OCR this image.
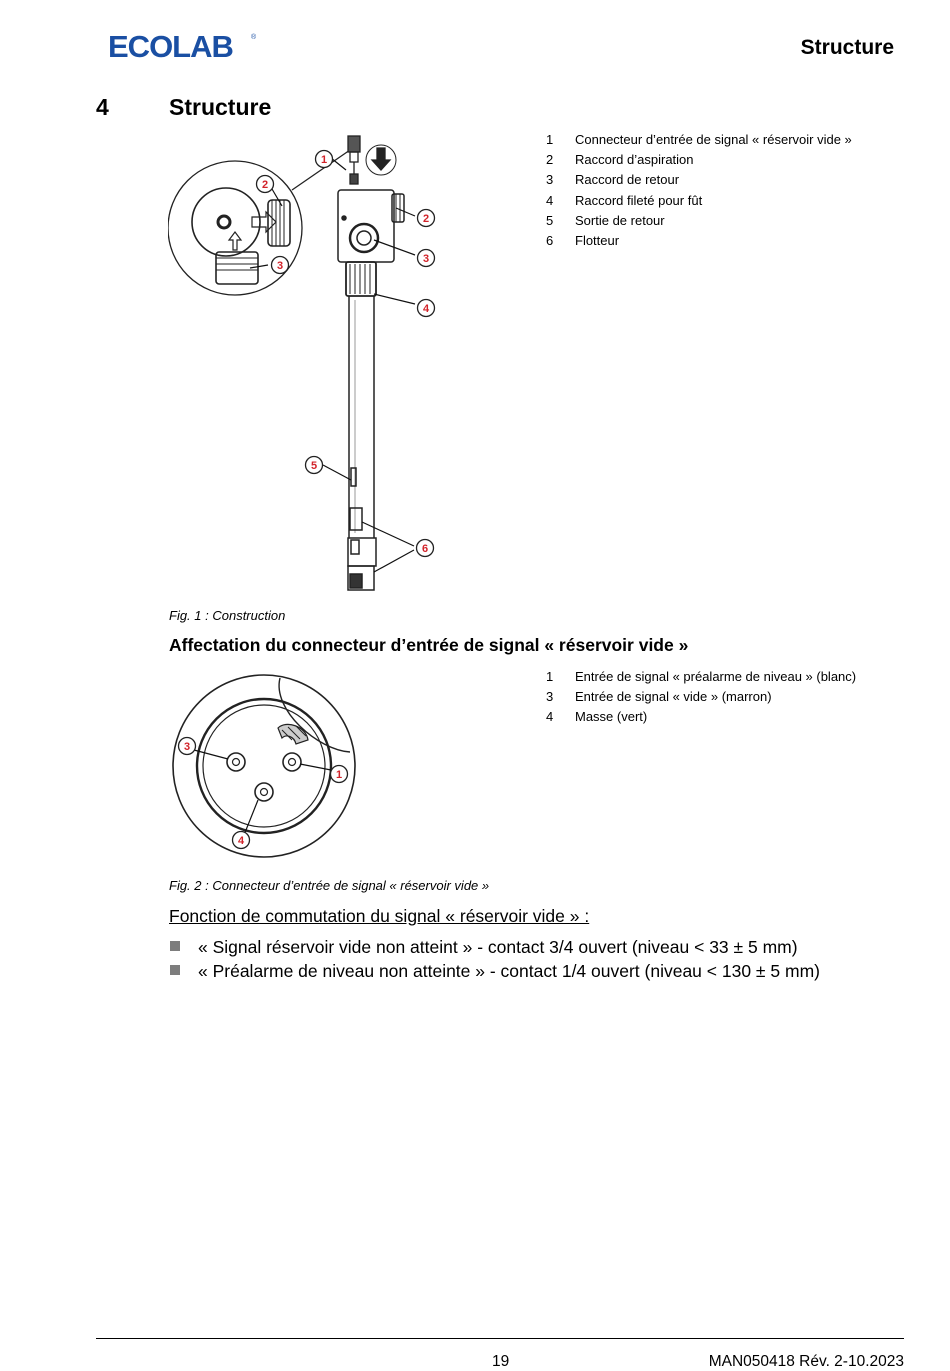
ECOLAB	®	Structure
4	Structure
1
2
2
3
3
4
5
6
1 Connecteur d’entrée de signal « réservoir vide »
2 Raccord d’aspiration
3 Raccord de retour
4 Raccord fileté pour fût
5 Sortie de retour
6 Flotteur
Fig. 1 : Construction
Affectation du connecteur d’entrée de signal « réservoir vide »
3
1
4
1 Entrée de signal « préalarme de niveau » (blanc)
3 Entrée de signal « vide » (marron)
4 Masse (vert)
Fig. 2 : Connecteur d’entrée de signal « réservoir vide »
Fonction de commutation du signal « réservoir vide » :
« Signal réservoir vide non atteint » - contact 3/4 ouvert (niveau < 33 ± 5 mm)
« Préalarme de niveau non atteinte » - contact 1/4 ouvert (niveau < 130 ± 5 mm)
19	MAN050418 Rév. 2-10.2023
